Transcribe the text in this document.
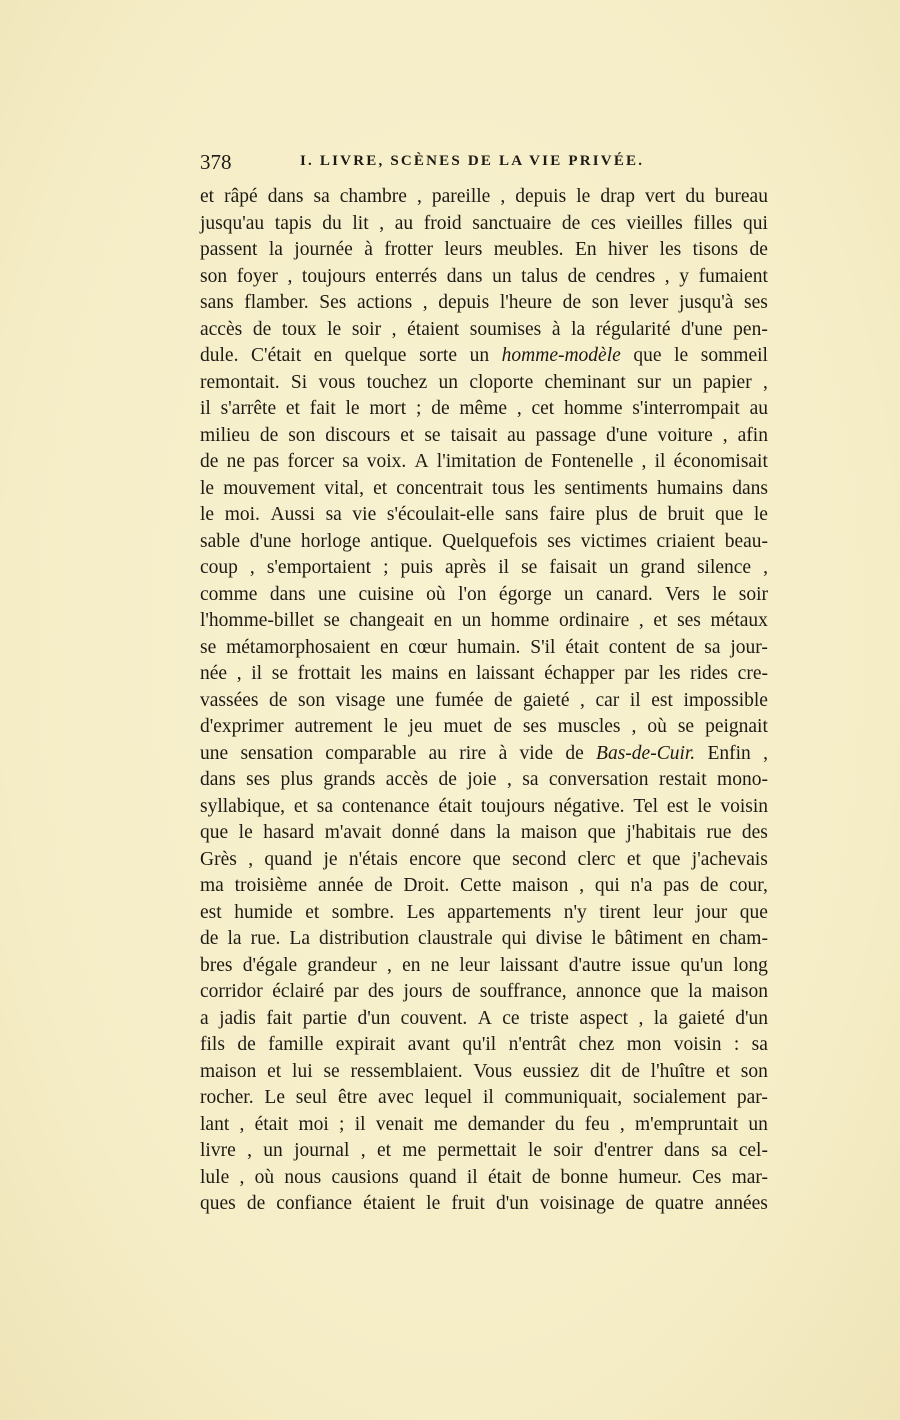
378	I. LIVRE, SCÈNES DE LA VIE PRIVÉE.
et râpé dans sa chambre , pareille , depuis le drap vert du bureau
jusqu'au tapis du lit , au froid sanctuaire de ces vieilles filles qui
passent la journée à frotter leurs meubles. En hiver les tisons de
son foyer , toujours enterrés dans un talus de cendres , y fumaient
sans flamber. Ses actions , depuis l'heure de son lever jusqu'à ses
accès de toux le soir , étaient soumises à la régularité d'une pen-
dule. C'était en quelque sorte un homme-modèle que le sommeil
remontait. Si vous touchez un cloporte cheminant sur un papier ,
il s'arrête et fait le mort ; de même , cet homme s'interrompait au
milieu de son discours et se taisait au passage d'une voiture , afin
de ne pas forcer sa voix. A l'imitation de Fontenelle , il économisait
le mouvement vital, et concentrait tous les sentiments humains dans
le moi. Aussi sa vie s'écoulait-elle sans faire plus de bruit que le
sable d'une horloge antique. Quelquefois ses victimes criaient beau-
coup , s'emportaient ; puis après il se faisait un grand silence ,
comme dans une cuisine où l'on égorge un canard. Vers le soir
l'homme-billet se changeait en un homme ordinaire , et ses métaux
se métamorphosaient en cœur humain. S'il était content de sa jour-
née , il se frottait les mains en laissant échapper par les rides cre-
vassées de son visage une fumée de gaieté , car il est impossible
d'exprimer autrement le jeu muet de ses muscles , où se peignait
une sensation comparable au rire à vide de Bas-de-Cuir. Enfin ,
dans ses plus grands accès de joie , sa conversation restait mono-
syllabique, et sa contenance était toujours négative. Tel est le voisin
que le hasard m'avait donné dans la maison que j'habitais rue des
Grès , quand je n'étais encore que second clerc et que j'achevais
ma troisième année de Droit. Cette maison , qui n'a pas de cour,
est humide et sombre. Les appartements n'y tirent leur jour que
de la rue. La distribution claustrale qui divise le bâtiment en cham-
bres d'égale grandeur , en ne leur laissant d'autre issue qu'un long
corridor éclairé par des jours de souffrance, annonce que la maison
a jadis fait partie d'un couvent. A ce triste aspect , la gaieté d'un
fils de famille expirait avant qu'il n'entrât chez mon voisin : sa
maison et lui se ressemblaient. Vous eussiez dit de l'huître et son
rocher. Le seul être avec lequel il communiquait, socialement par-
lant , était moi ; il venait me demander du feu , m'empruntait un
livre , un journal , et me permettait le soir d'entrer dans sa cel-
lule , où nous causions quand il était de bonne humeur. Ces mar-
ques de confiance étaient le fruit d'un voisinage de quatre années
